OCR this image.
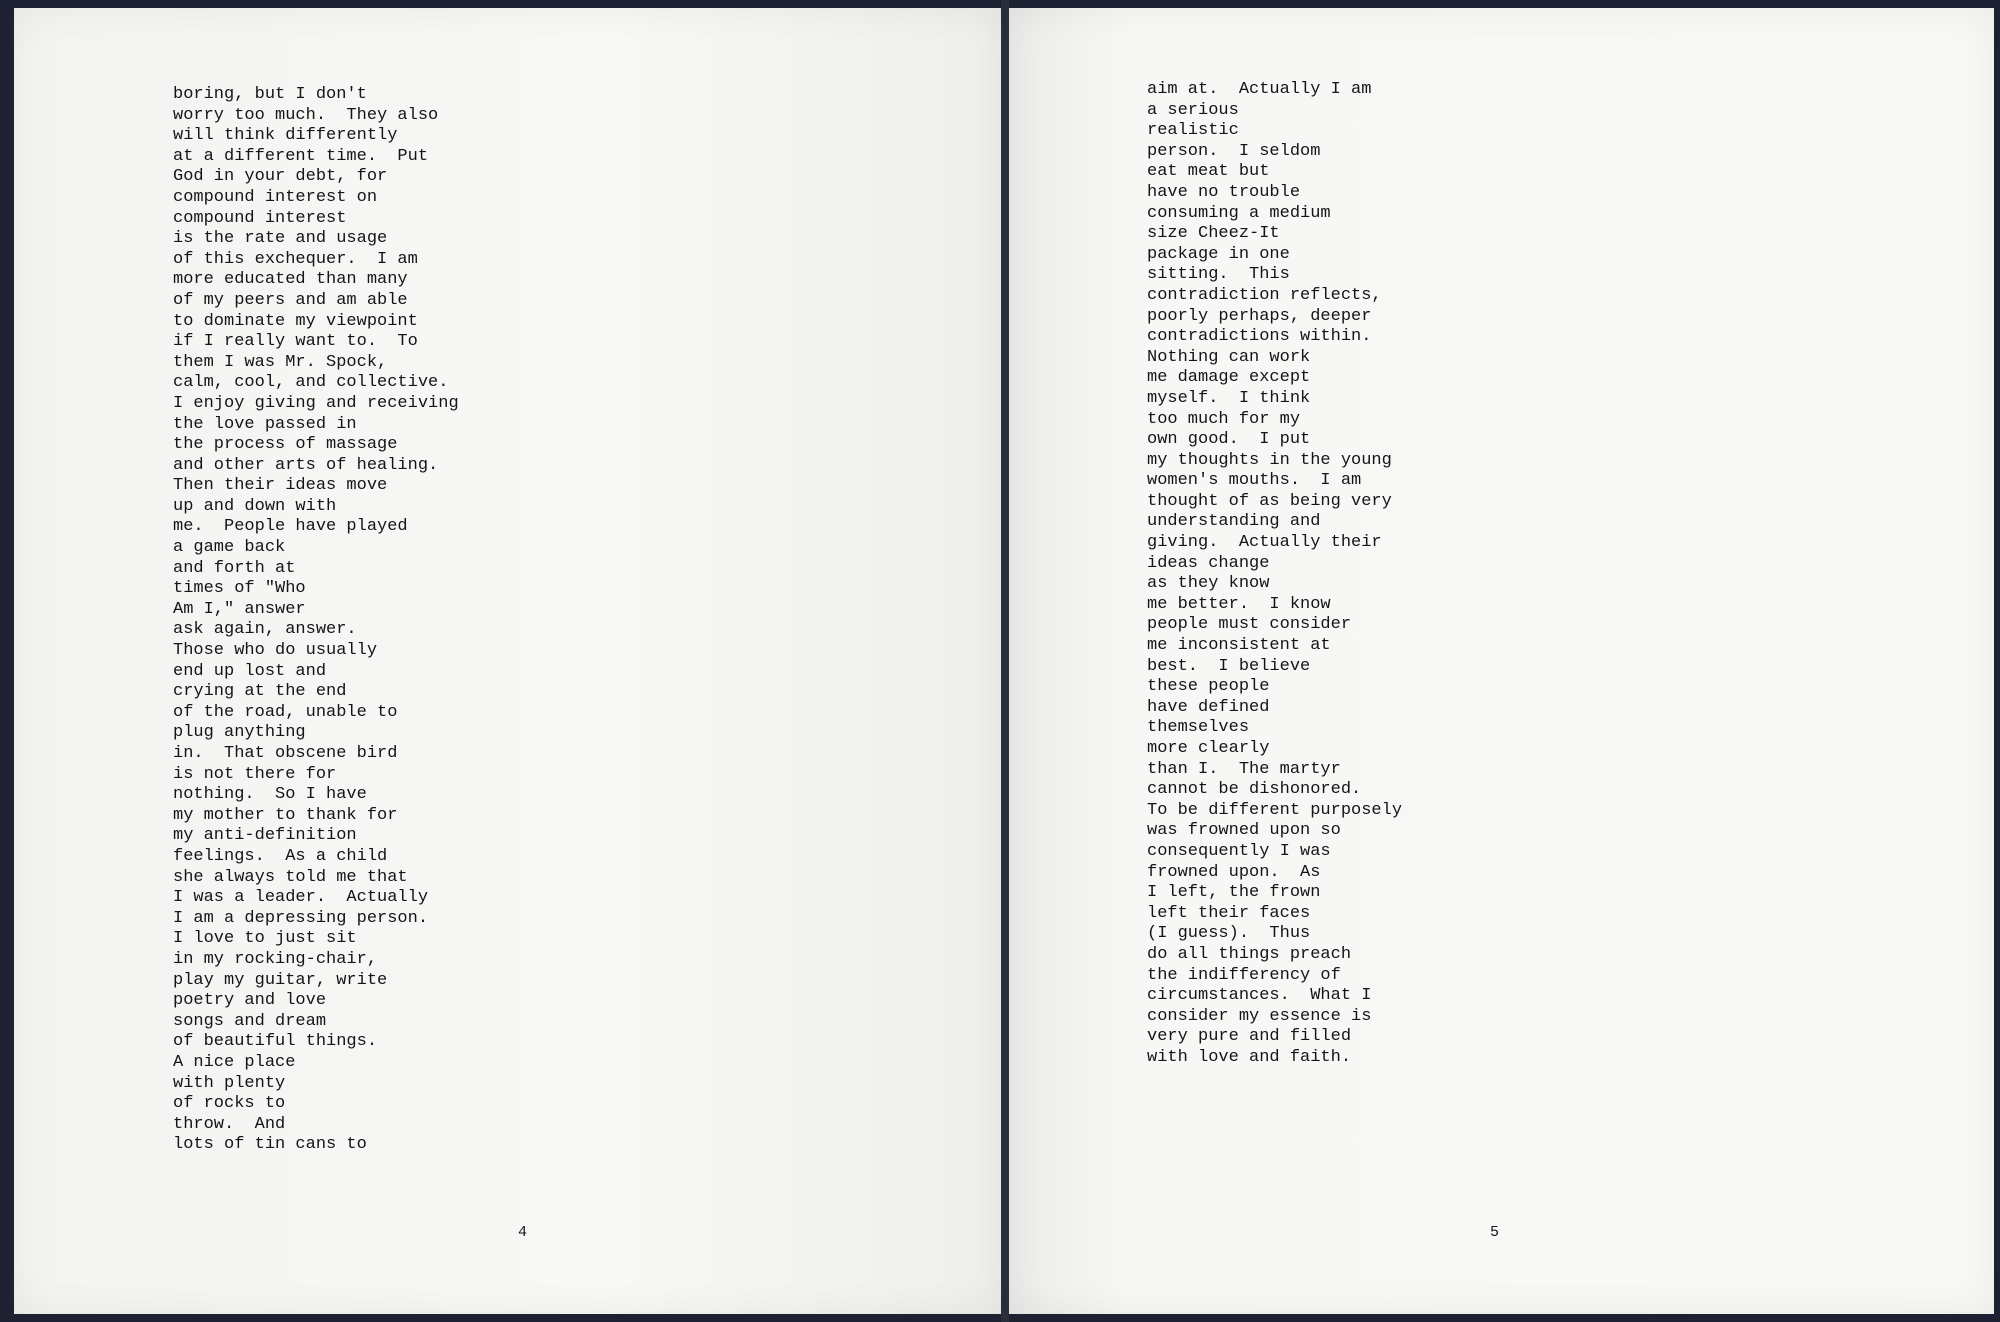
boring, but I don't
worry too much.  They also
will think differently
at a different time.  Put
God in your debt, for
compound interest on
compound interest
is the rate and usage
of this exchequer.  I am
more educated than many
of my peers and am able
to dominate my viewpoint
if I really want to.  To
them I was Mr. Spock,
calm, cool, and collective.
I enjoy giving and receiving
the love passed in
the process of massage
and other arts of healing.
Then their ideas move
up and down with
me.  People have played
a game back
and forth at
times of "Who
Am I," answer
ask again, answer.
Those who do usually
end up lost and
crying at the end
of the road, unable to
plug anything
in.  That obscene bird
is not there for
nothing.  So I have
my mother to thank for
my anti-definition
feelings.  As a child
she always told me that
I was a leader.  Actually
I am a depressing person.
I love to just sit
in my rocking-chair,
play my guitar, write
poetry and love
songs and dream
of beautiful things.
A nice place
with plenty
of rocks to
throw.  And
lots of tin cans to
4
aim at.  Actually I am
a serious
realistic
person.  I seldom
eat meat but
have no trouble
consuming a medium
size Cheez-It
package in one
sitting.  This
contradiction reflects,
poorly perhaps, deeper
contradictions within.
Nothing can work
me damage except
myself.  I think
too much for my
own good.  I put
my thoughts in the young
women's mouths.  I am
thought of as being very
understanding and
giving.  Actually their
ideas change
as they know
me better.  I know
people must consider
me inconsistent at
best.  I believe
these people
have defined
themselves
more clearly
than I.  The martyr
cannot be dishonored.
To be different purposely
was frowned upon so
consequently I was
frowned upon.  As
I left, the frown
left their faces
(I guess).  Thus
do all things preach
the indifferency of
circumstances.  What I
consider my essence is
very pure and filled
with love and faith.
5
